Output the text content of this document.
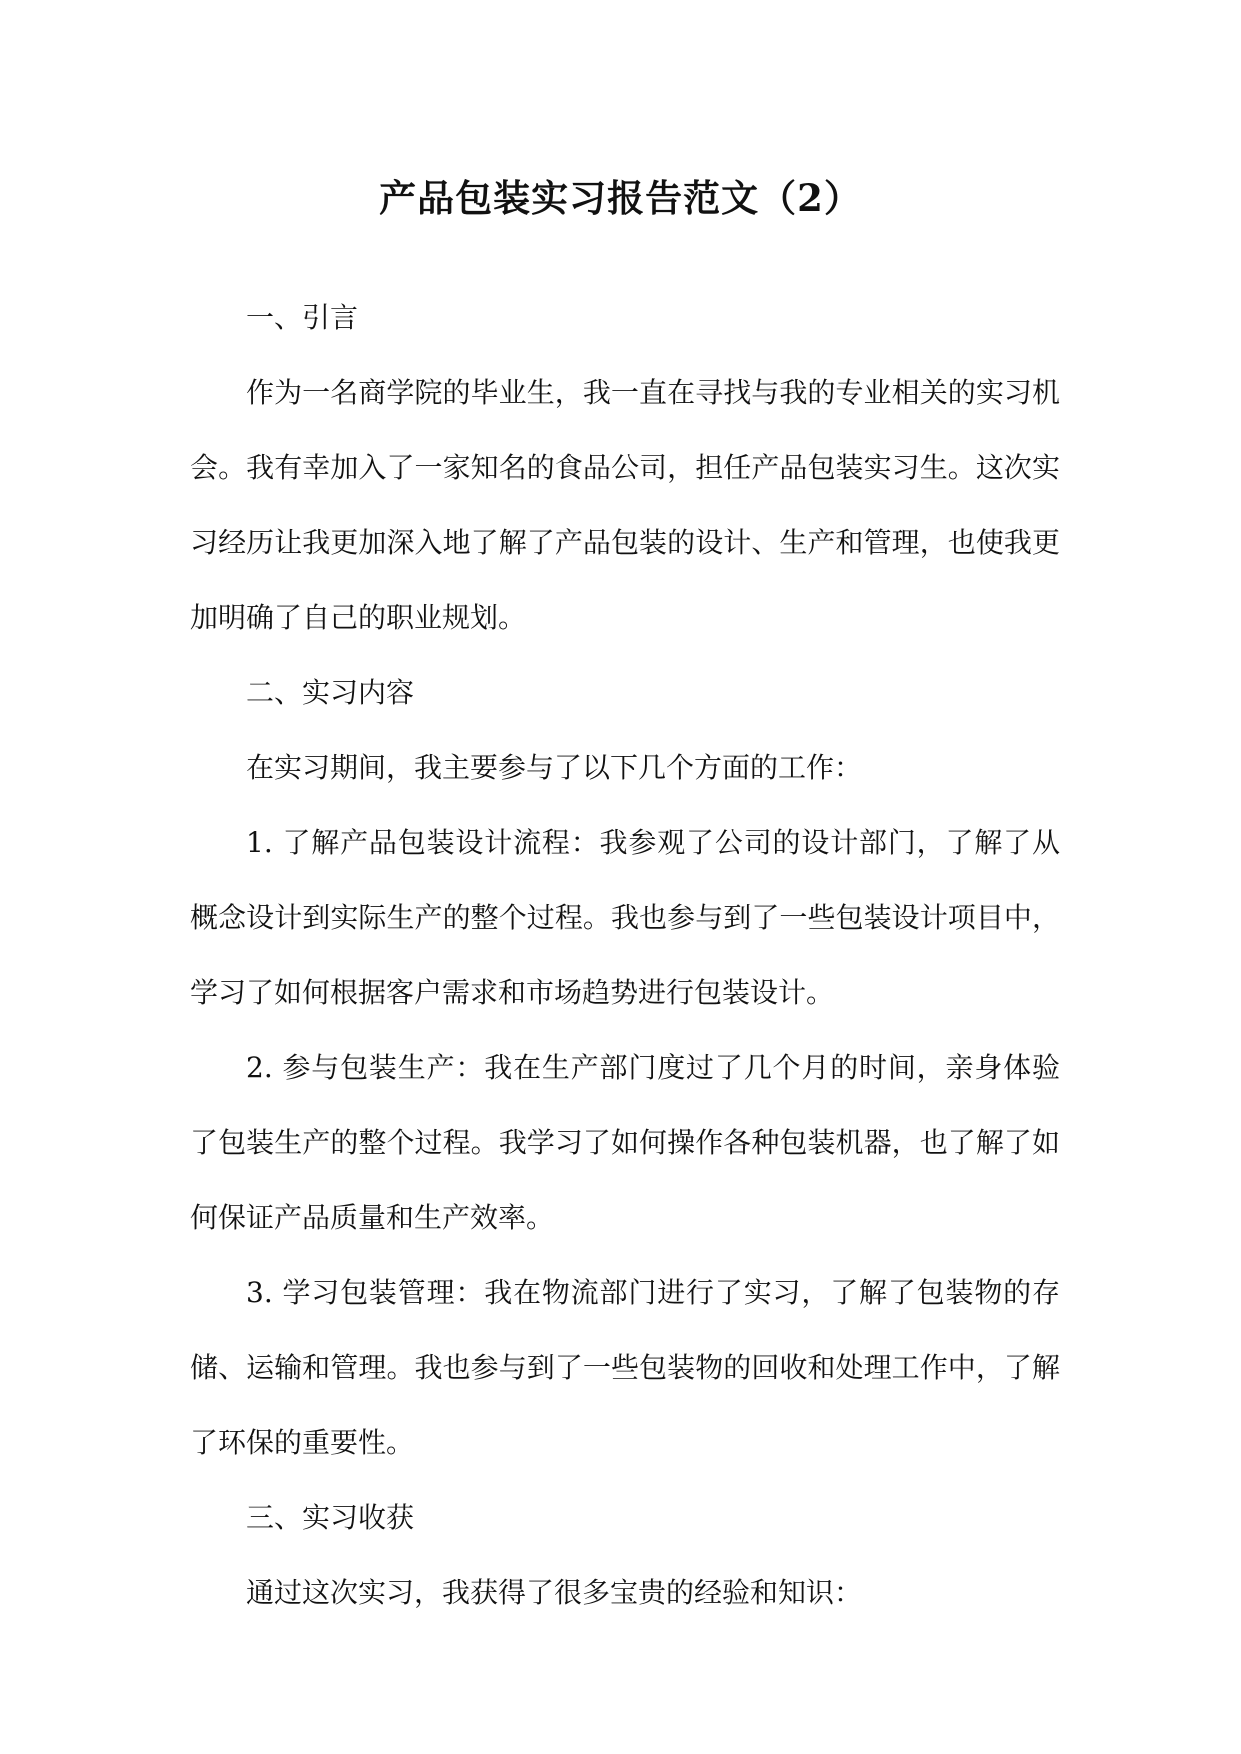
产品包装实习报告范文（2）

一、引言

作为一名商学院的毕业生，我一直在寻找与我的专业相关的实习机会。我有幸加入了一家知名的食品公司，担任产品包装实习生。这次实习经历让我更加深入地了解了产品包装的设计、生产和管理，也使我更加明确了自己的职业规划。

二、实习内容

在实习期间，我主要参与了以下几个方面的工作：

1. 了解产品包装设计流程：我参观了公司的设计部门，了解了从概念设计到实际生产的整个过程。我也参与到了一些包装设计项目中，学习了如何根据客户需求和市场趋势进行包装设计。

2. 参与包装生产：我在生产部门度过了几个月的时间，亲身体验了包装生产的整个过程。我学习了如何操作各种包装机器，也了解了如何保证产品质量和生产效率。

3. 学习包装管理：我在物流部门进行了实习，了解了包装物的存储、运输和管理。我也参与到了一些包装物的回收和处理工作中，了解了环保的重要性。

三、实习收获

通过这次实习，我获得了很多宝贵的经验和知识：
